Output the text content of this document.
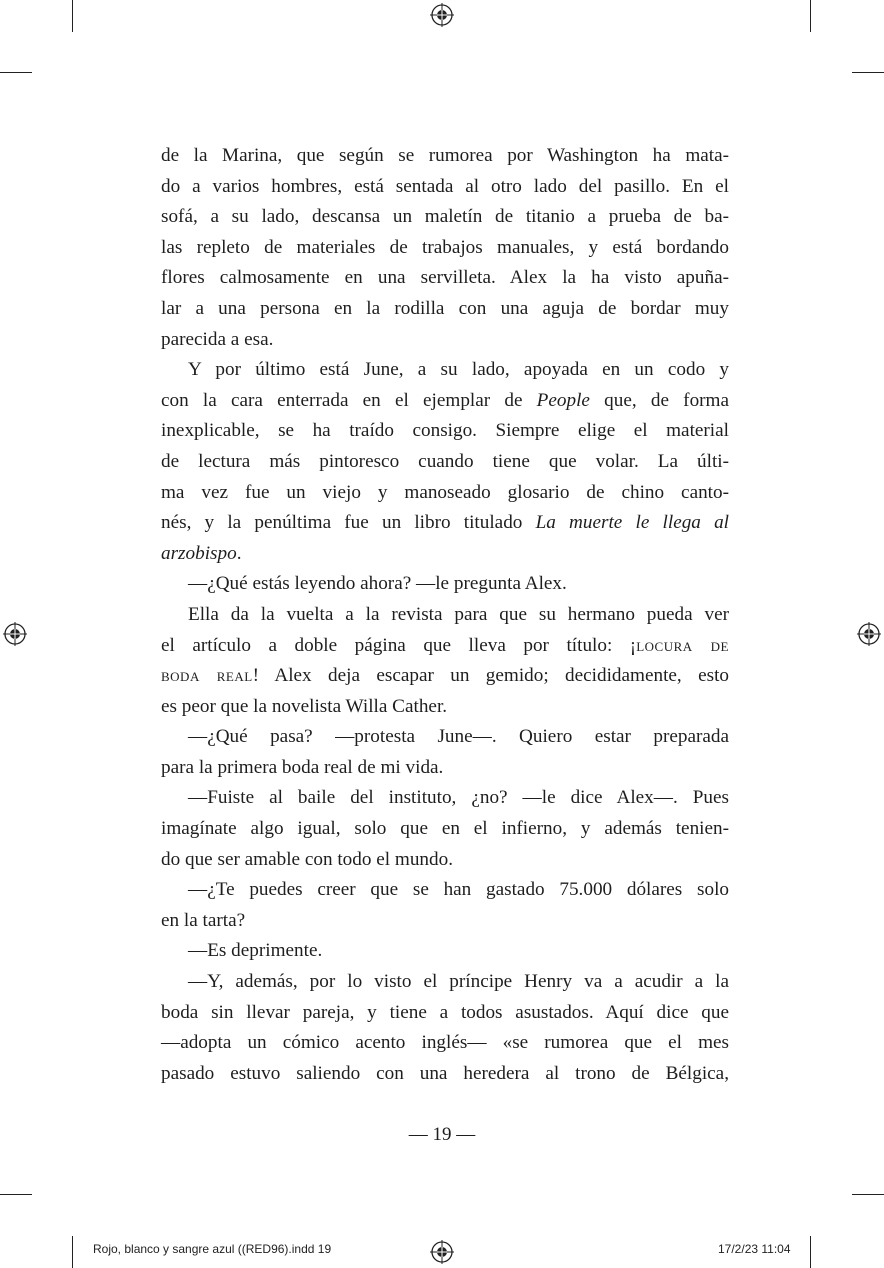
de la Marina, que según se rumorea por Washington ha mata-
do a varios hombres, está sentada al otro lado del pasillo. En el
sofá, a su lado, descansa un maletín de titanio a prueba de ba-
las repleto de materiales de trabajos manuales, y está bordando
flores calmosamente en una servilleta. Alex la ha visto apuña-
lar a una persona en la rodilla con una aguja de bordar muy
parecida a esa.
Y por último está June, a su lado, apoyada en un codo y
con la cara enterrada en el ejemplar de People que, de forma
inexplicable, se ha traído consigo. Siempre elige el material
de lectura más pintoresco cuando tiene que volar. La últi-
ma vez fue un viejo y manoseado glosario de chino canto-
nés, y la penúltima fue un libro titulado La muerte le llega al
arzobispo.
—¿Qué estás leyendo ahora? —le pregunta Alex.
Ella da la vuelta a la revista para que su hermano pueda ver
el artículo a doble página que lleva por título: ¡locura de
boda real! Alex deja escapar un gemido; decididamente, esto
es peor que la novelista Willa Cather.
—¿Qué pasa? —protesta June—. Quiero estar preparada
para la primera boda real de mi vida.
—Fuiste al baile del instituto, ¿no? —le dice Alex—. Pues
imagínate algo igual, solo que en el infierno, y además tenien-
do que ser amable con todo el mundo.
—¿Te puedes creer que se han gastado 75.000 dólares solo
en la tarta?
—Es deprimente.
—Y, además, por lo visto el príncipe Henry va a acudir a la
boda sin llevar pareja, y tiene a todos asustados. Aquí dice que
—adopta un cómico acento inglés— «se rumorea que el mes
pasado estuvo saliendo con una heredera al trono de Bélgica,
— 19 —
Rojo, blanco y sangre azul ((RED96).indd 19	17/2/23 11:04
